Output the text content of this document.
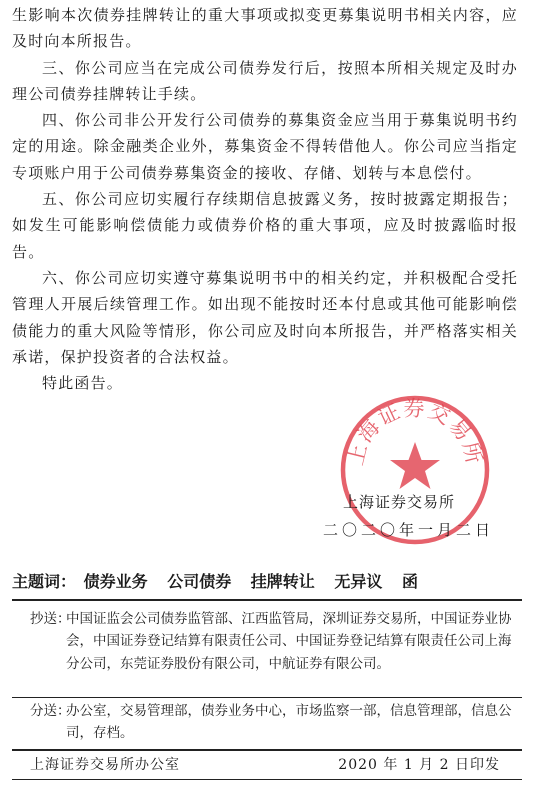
生影响本次债券挂牌转让的重大事项或拟变更募集说明书相关内容，应及时向本所报告。

三、你公司应当在完成公司债券发行后，按照本所相关规定及时办理公司债券挂牌转让手续。

四、你公司非公开发行公司债券的募集资金应当用于募集说明书约定的用途。除金融类企业外，募集资金不得转借他人。你公司应当指定专项账户用于公司债券募集资金的接收、存储、划转与本息偿付。

五、你公司应切实履行存续期信息披露义务，按时披露定期报告；如发生可能影响偿债能力或债券价格的重大事项，应及时披露临时报告。

六、你公司应切实遵守募集说明书中的相关约定，并积极配合受托管理人开展后续管理工作。如出现不能按时还本付息或其他可能影响偿债能力的重大风险等情形，你公司应及时向本所报告，并严格落实相关承诺，保护投资者的合法权益。

特此函告。

上海证券交易所
上海证券交易所
二〇二〇年一月二日
主题词： 债券业务 公司债券 挂牌转让 无异议 函
抄送：
中国证监会公司债券监管部、江西监管局，深圳证券交易所，中国证券业协会，中国证券登记结算有限责任公司、中国证券登记结算有限责任公司上海分公司，东莞证券股份有限公司，中航证券有限公司。
分送：
办公室，交易管理部，债券业务中心，市场监察一部，信息管理部，信息公司，存档。
上海证券交易所办公室	2020 年 1 月 2 日印发
